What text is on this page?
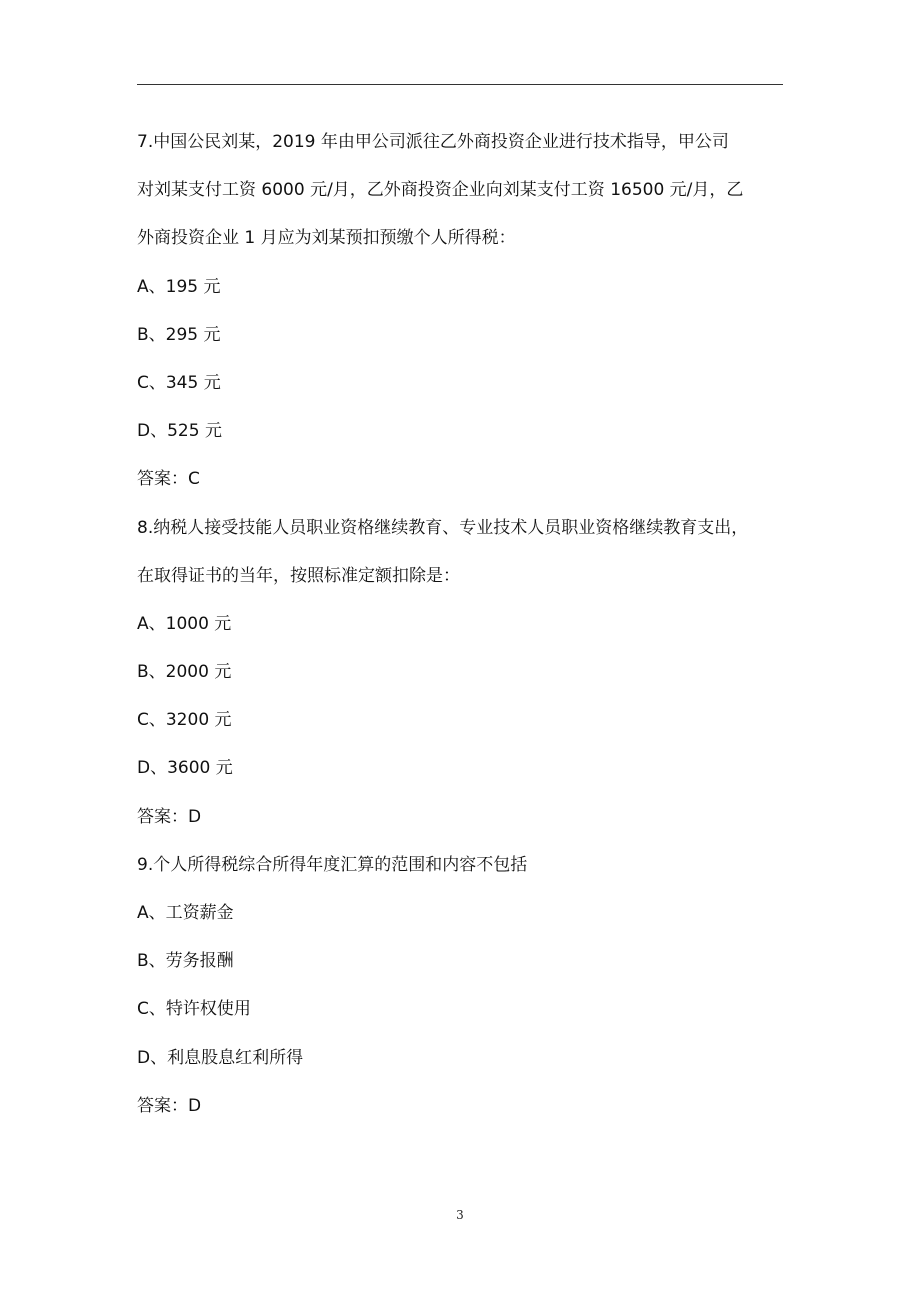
7.中国公民刘某，2019 年由甲公司派往乙外商投资企业进行技术指导，甲公司
对刘某支付工资 6000 元/月，乙外商投资企业向刘某支付工资 16500 元/月，乙
外商投资企业 1 月应为刘某预扣预缴个人所得税：
A、195 元
B、295 元
C、345 元
D、525 元
答案：C
8.纳税人接受技能人员职业资格继续教育、专业技术人员职业资格继续教育支出，
在取得证书的当年，按照标准定额扣除是：
A、1000 元
B、2000 元
C、3200 元
D、3600 元
答案：D
9.个人所得税综合所得年度汇算的范围和内容不包括
A、工资薪金
B、劳务报酬
C、特许权使用
D、利息股息红利所得
答案：D
3
